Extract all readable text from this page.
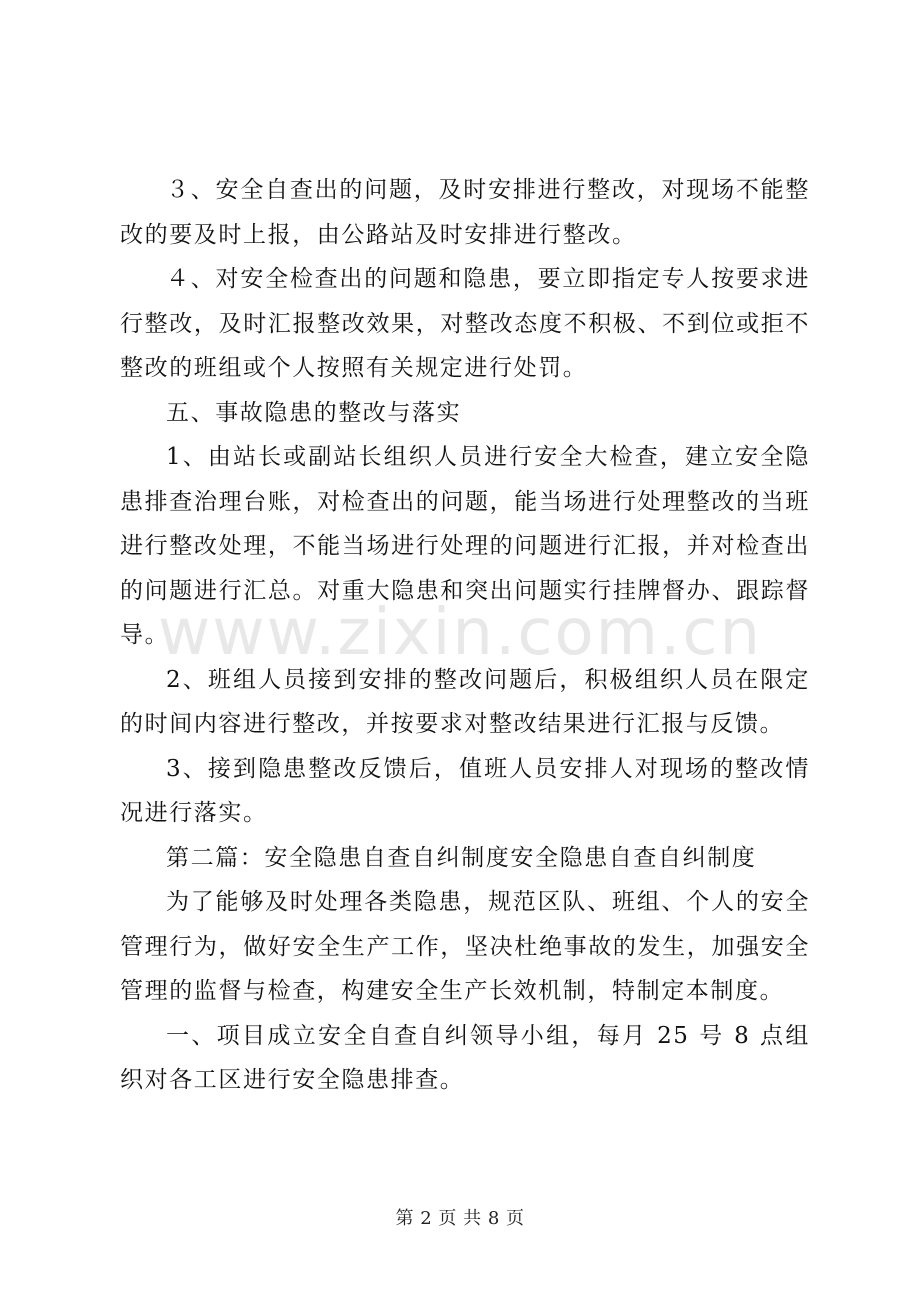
３、安全自查出的问题，及时安排进行整改，对现场不能整改的要及时上报，由公路站及时安排进行整改。

４、对安全检查出的问题和隐患，要立即指定专人按要求进行整改，及时汇报整改效果，对整改态度不积极、不到位或拒不整改的班组或个人按照有关规定进行处罚。

五、事故隐患的整改与落实

1、由站长或副站长组织人员进行安全大检查，建立安全隐患排查治理台账，对检查出的问题，能当场进行处理整改的当班进行整改处理，不能当场进行处理的问题进行汇报，并对检查出的问题进行汇总。对重大隐患和突出问题实行挂牌督办、跟踪督导。

2、班组人员接到安排的整改问题后，积极组织人员在限定的时间内容进行整改，并按要求对整改结果进行汇报与反馈。

3、接到隐患整改反馈后，值班人员安排人对现场的整改情况进行落实。

第二篇：安全隐患自查自纠制度安全隐患自查自纠制度

为了能够及时处理各类隐患，规范区队、班组、个人的安全管理行为，做好安全生产工作，坚决杜绝事故的发生，加强安全管理的监督与检查，构建安全生产长效机制，特制定本制度。

一、项目成立安全自查自纠领导小组，每月 25 号 8 点组织对各工区进行安全隐患排查。

www.zixin.com.cn
第 2 页 共 8 页
